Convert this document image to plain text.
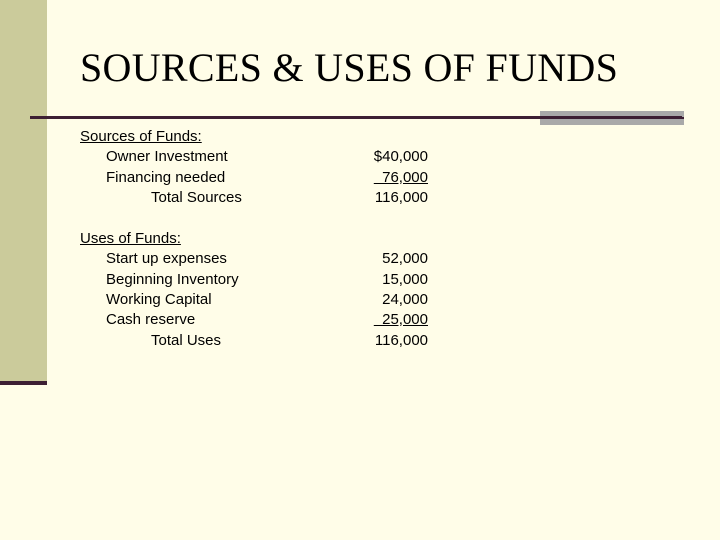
SOURCES & USES OF FUNDS
Sources of Funds:
Owner Investment	$40,000
Financing needed	76,000
Total Sources	116,000
Uses of Funds:
Start up expenses	52,000
Beginning Inventory	15,000
Working Capital	24,000
Cash reserve	25,000
Total Uses	116,000
